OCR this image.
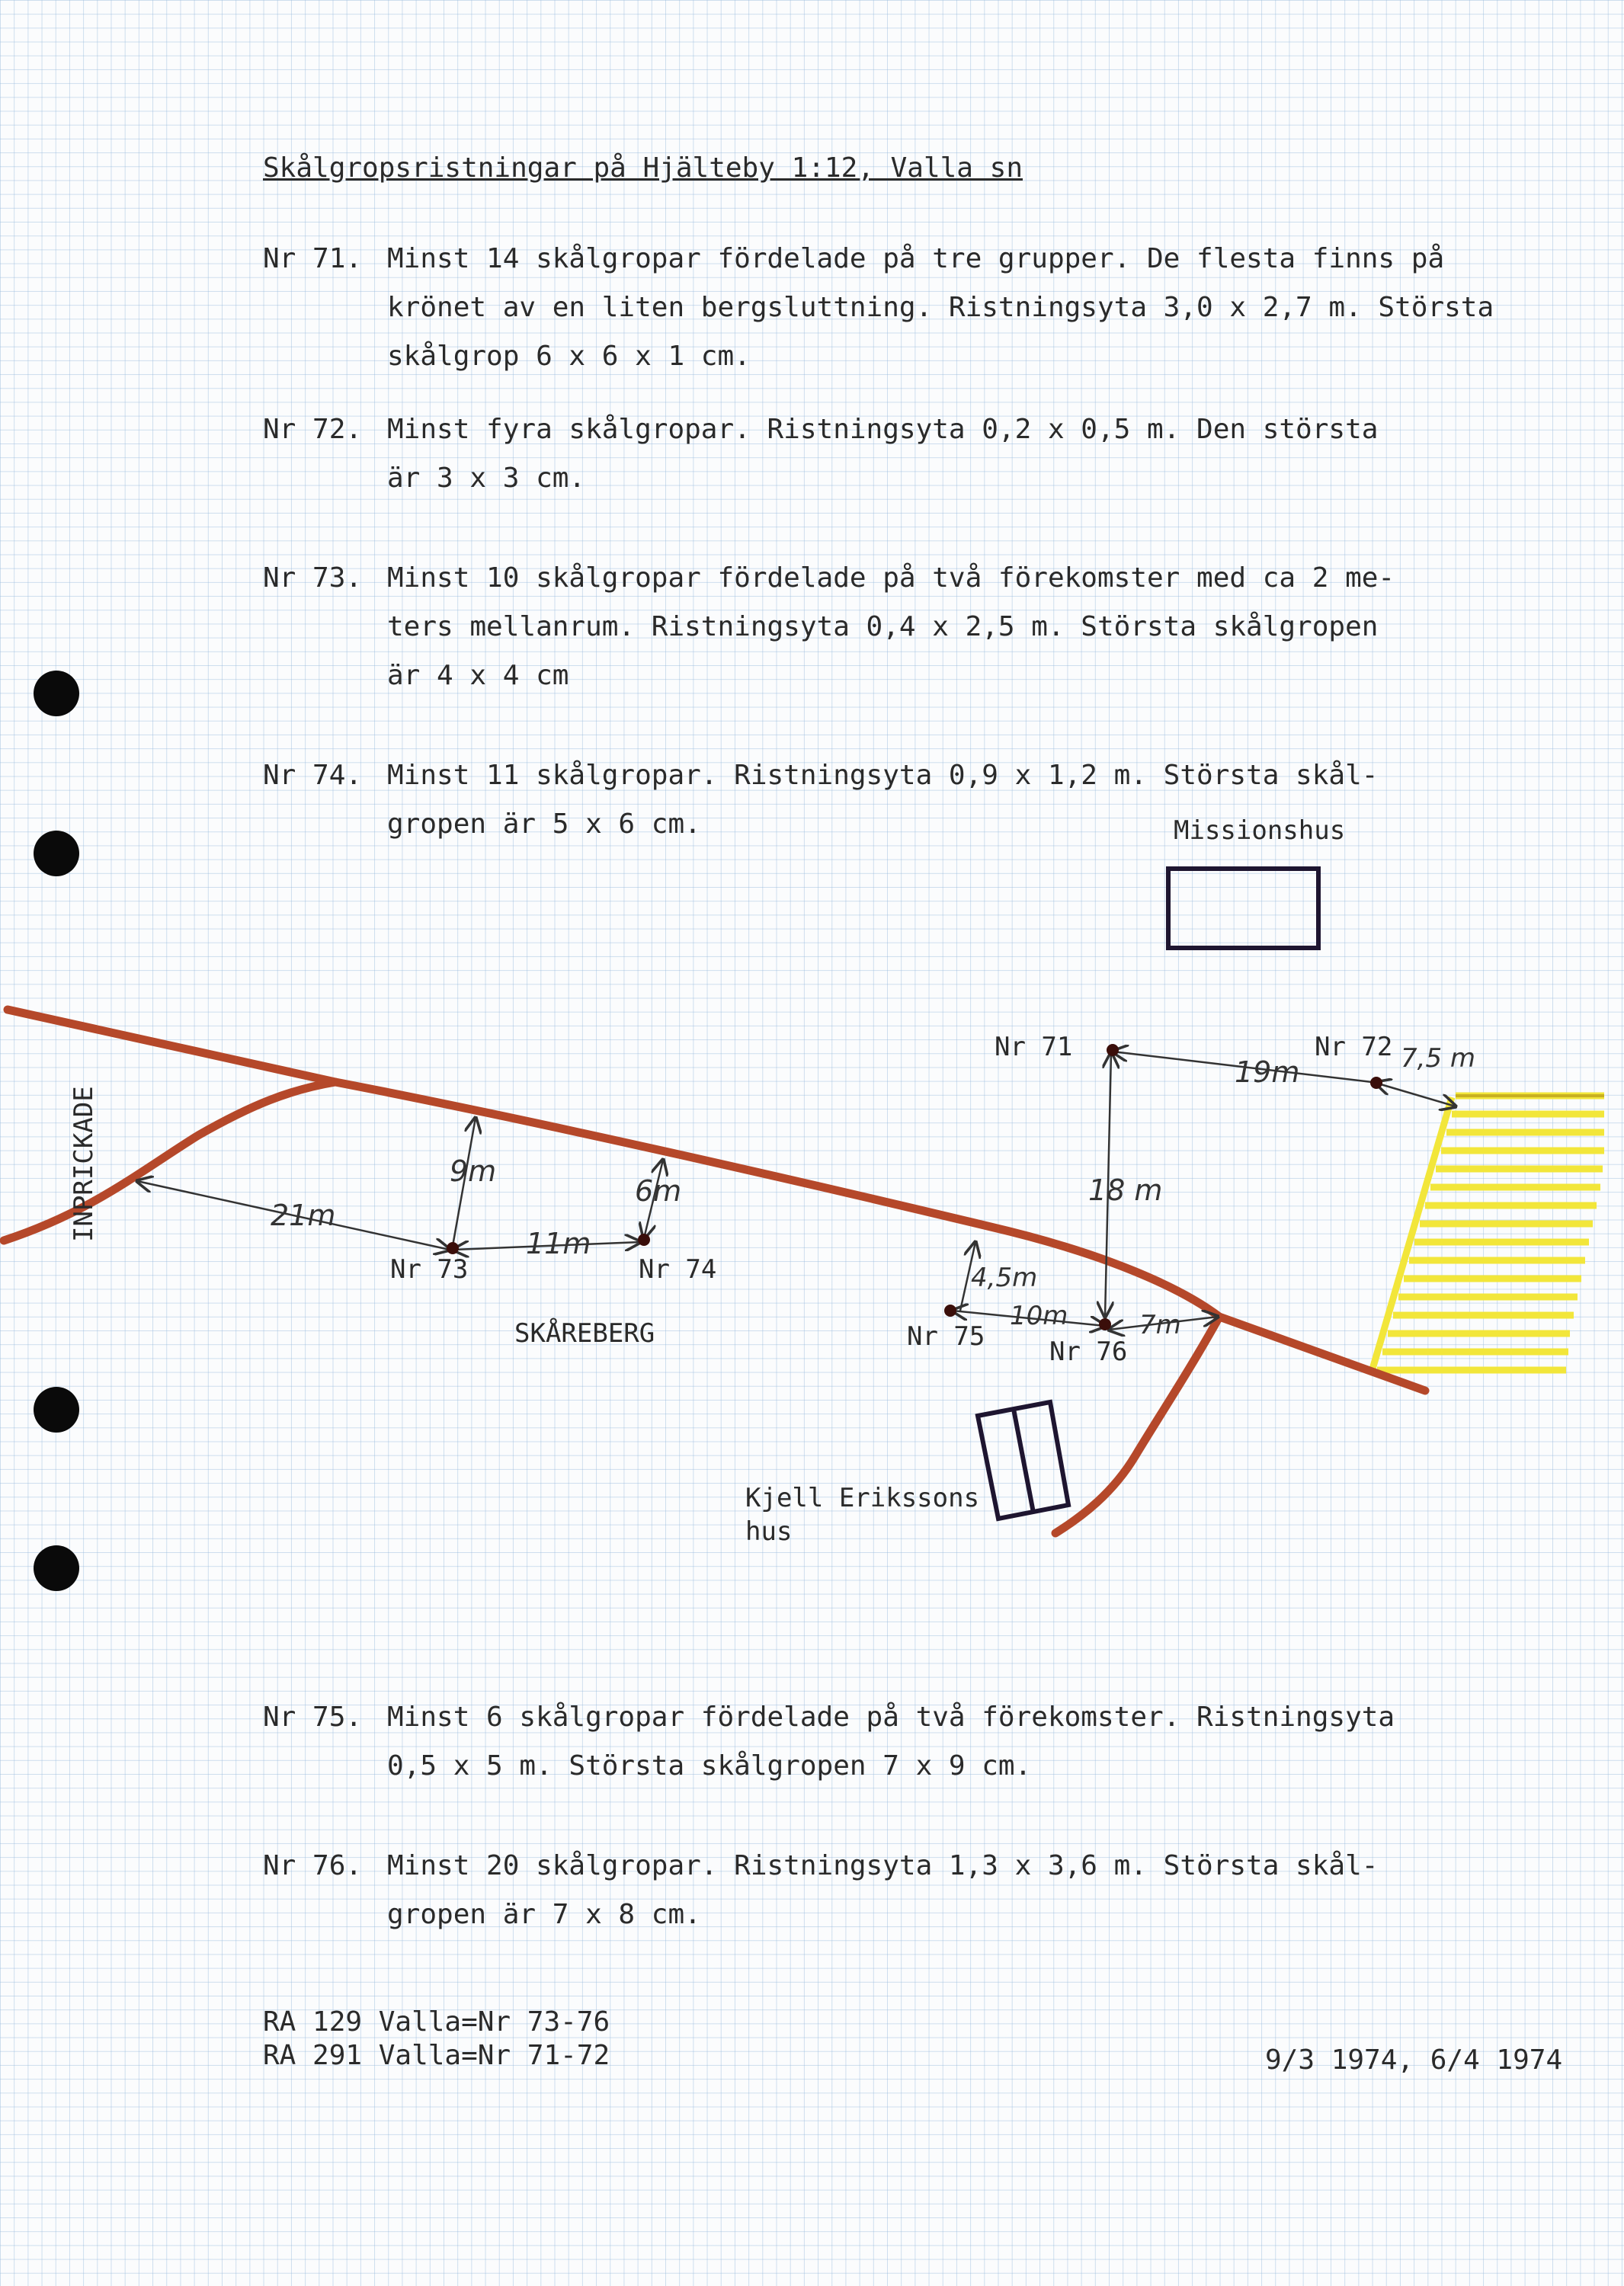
Skålgropsristningar på Hjälteby 1:12, Valla sn
Nr 71. Minst 14 skålgropar fördelade på tre grupper. De flesta finns på
krönet av en liten bergsluttning. Ristningsyta 3,0 x 2,7 m. Största
skålgrop 6 x 6 x 1 cm.
Nr 72. Minst fyra skålgropar. Ristningsyta 0,2 x 0,5 m. Den största
är 3 x 3 cm.
Nr 73. Minst 10 skålgropar fördelade på två förekomster med ca 2 me-
ters mellanrum. Ristningsyta 0,4 x 2,5 m. Största skålgropen
är 4 x 4 cm
Nr 74. Minst 11 skålgropar. Ristningsyta 0,9 x 1,2 m. Största skål-
gropen är 5 x 6 cm.
19m	7,5 m
18 m
9m
6m
21m
11m
4,5m
10m	7m
Missionshus
INPRICKADE
SKÅREBERG
Kjell Erikssons
hus
Nr 71	Nr 72
Nr 73	Nr 74
Nr 75 Nr 76
Nr 75. Minst 6 skålgropar fördelade på två förekomster. Ristningsyta
0,5 x 5 m. Största skålgropen 7 x 9 cm.
Nr 76. Minst 20 skålgropar. Ristningsyta 1,3 x 3,6 m. Största skål-
gropen är 7 x 8 cm.
RA 129 Valla=Nr 73-76
RA 291 Valla=Nr 71-72	9/3 1974, 6/4 1974
